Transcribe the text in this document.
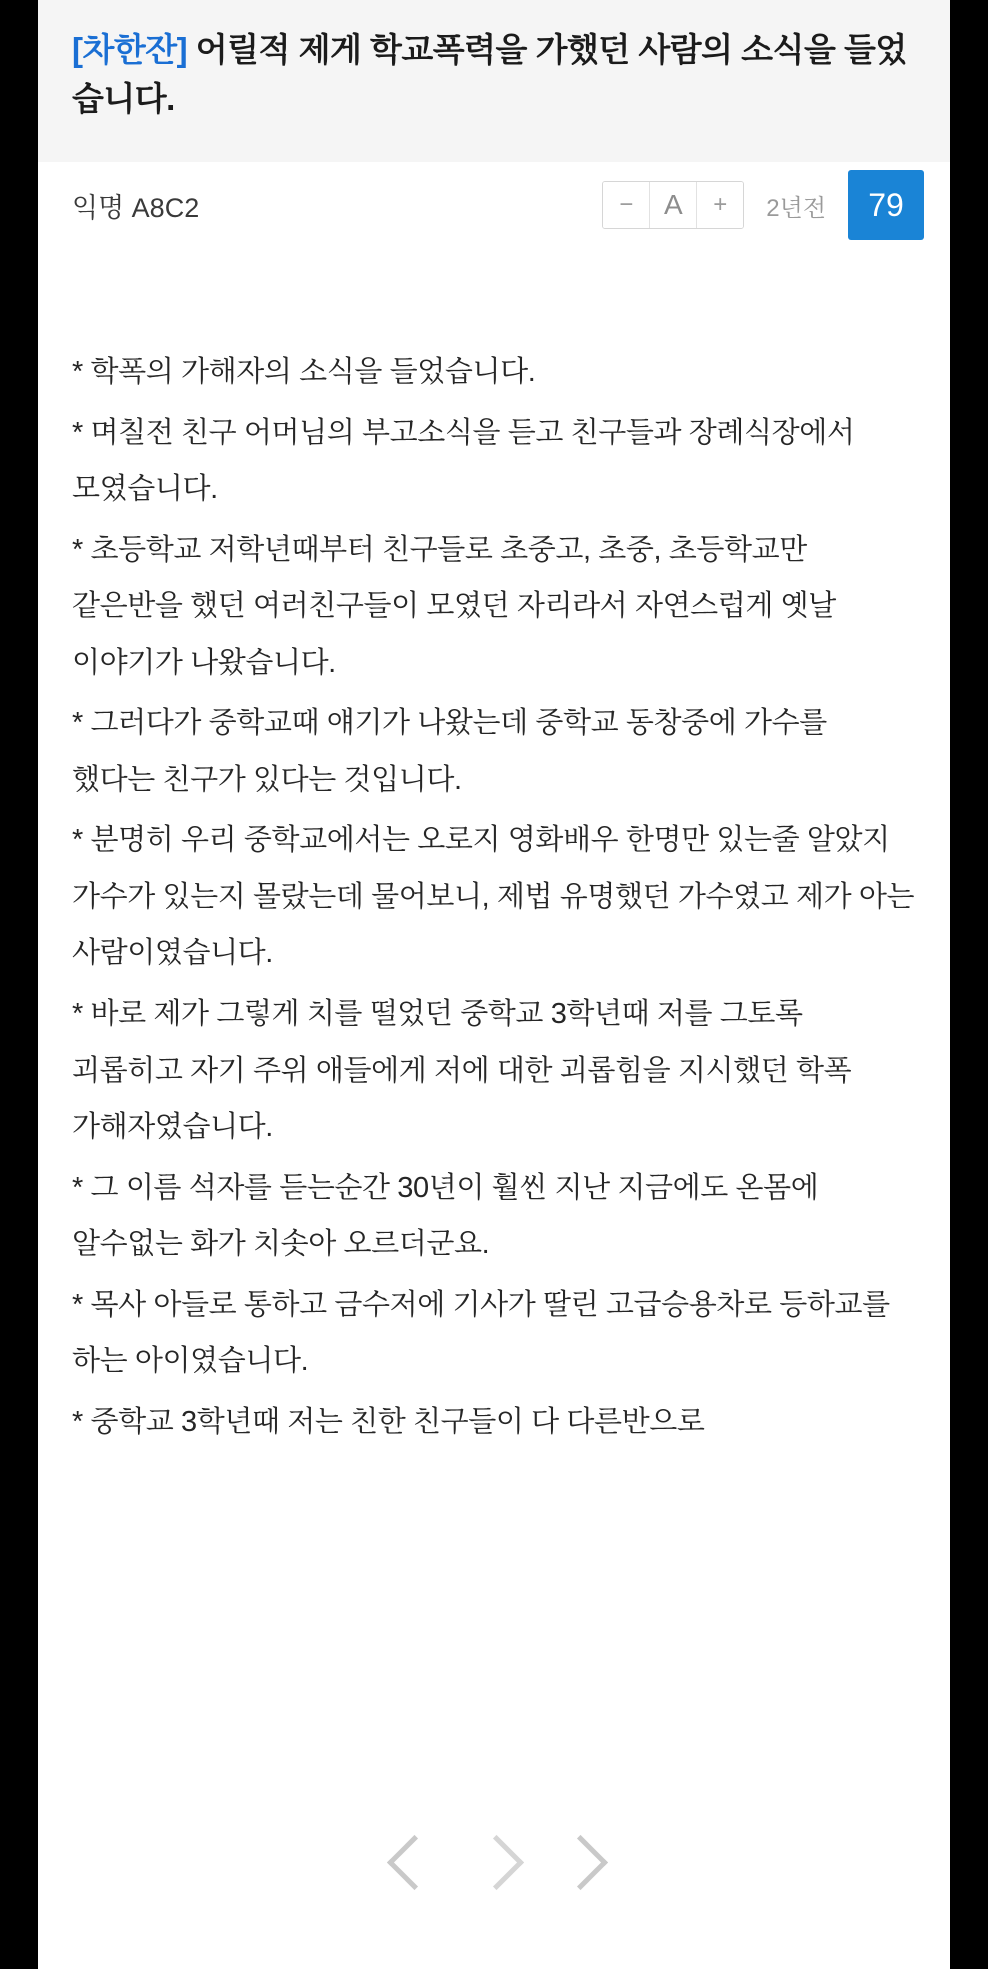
[차한잔] 어릴적 제게 학교폭력을 가했던 사람의 소식을 들었습니다.
익명 A8C2	−	A	+	2년전	79

* 학폭의 가해자의 소식을 들었습니다.

* 며칠전 친구 어머님의 부고소식을 듣고 친구들과 장례식장에서 모였습니다.

* 초등학교 저학년때부터 친구들로 초중고, 초중, 초등학교만 같은반을 했던 여러친구들이 모였던 자리라서 자연스럽게 옛날 이야기가 나왔습니다.

* 그러다가 중학교때 얘기가 나왔는데 중학교 동창중에 가수를 했다는 친구가 있다는 것입니다.

* 분명히 우리 중학교에서는 오로지 영화배우 한명만 있는줄 알았지 가수가 있는지 몰랐는데 물어보니, 제법 유명했던 가수였고 제가 아는 사람이였습니다.

* 바로 제가 그렇게 치를 떨었던 중학교 3학년때 저를 그토록 괴롭히고 자기 주위 애들에게 저에 대한 괴롭힘을 지시했던 학폭 가해자였습니다.

* 그 이름 석자를 듣는순간 30년이 훨씬 지난 지금에도 온몸에 알수없는 화가 치솟아 오르더군요.

* 목사 아들로 통하고 금수저에 기사가 딸린 고급승용차로 등하교를 하는 아이였습니다.

* 중학교 3학년때 저는 친한 친구들이 다 다른반으로
